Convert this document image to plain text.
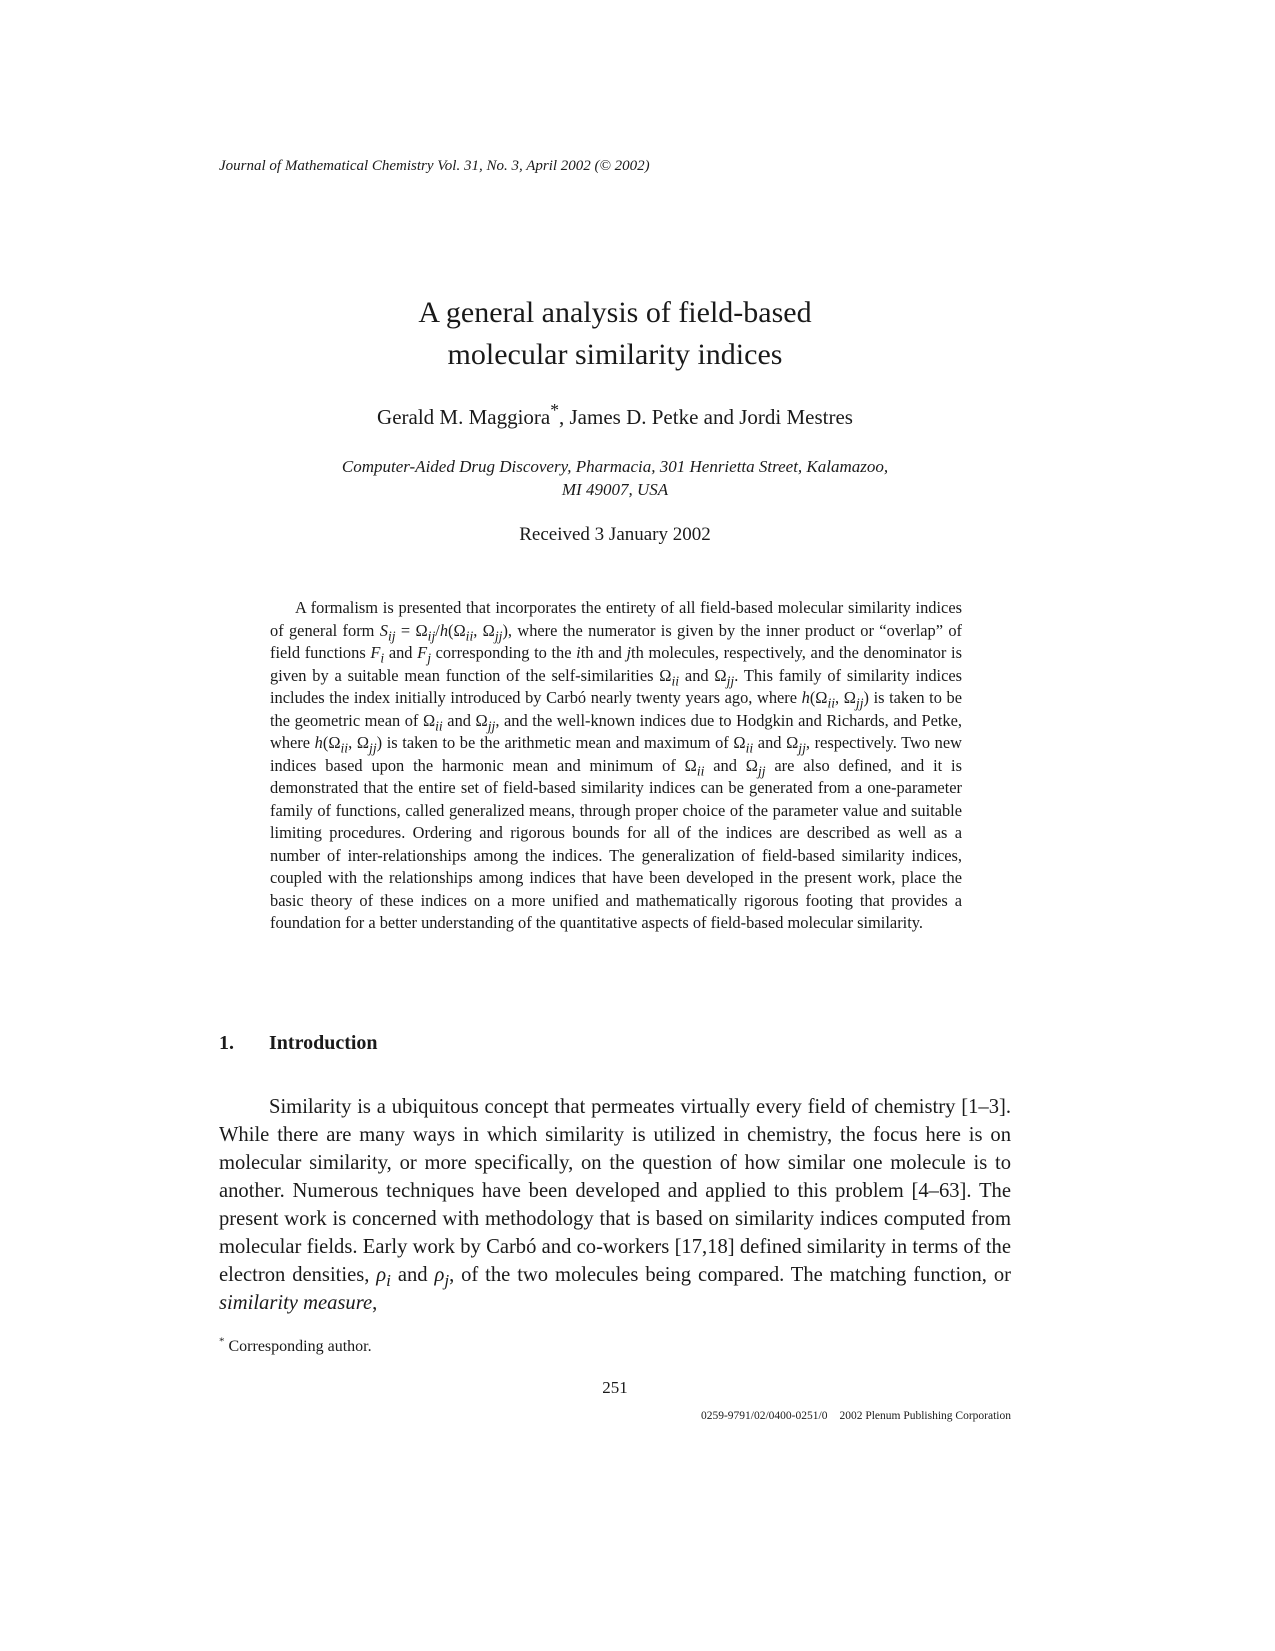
Journal of Mathematical Chemistry Vol. 31, No. 3, April 2002 (© 2002)
A general analysis of field-based
molecular similarity indices
Gerald M. Maggiora*, James D. Petke and Jordi Mestres
Computer-Aided Drug Discovery, Pharmacia, 301 Henrietta Street, Kalamazoo,
MI 49007, USA
Received 3 January 2002

A formalism is presented that incorporates the entirety of all field-based molecular similarity indices of general form $S_{ij} = \Omega_{ij}/h(\Omega_{ii}$, $\Omega_{jj}$), where the numerator is given by the inner product or “overlap” of field functions $F_i$ and $F_j$ corresponding to the ith and jth molecules, respectively, and the denominator is given by a suitable mean function of the self-similarities $\Omega_{ii}$ and $\Omega_{jj}$. This family of similarity indices includes the index initially introduced by Carbó nearly twenty years ago, where $h(\Omega_{ii}$, $\Omega_{jj}$) is taken to be the geometric mean of $\Omega_{ii}$ and $\Omega_{jj}$, and the well-known indices due to Hodgkin and Richards, and Petke, where $h(\Omega_{ii}$, $\Omega_{jj}$) is taken to be the arithmetic mean and maximum of $\Omega_{ii}$ and $\Omega_{jj}$, respectively. Two new indices based upon the harmonic mean and minimum of $\Omega_{ii}$ and $\Omega_{jj}$ are also defined, and it is demonstrated that the entire set of field-based similarity indices can be generated from a one-parameter family of functions, called generalized means, through proper choice of the parameter value and suitable limiting procedures. Ordering and rigorous bounds for all of the indices are described as well as a number of inter-relationships among the indices. The generalization of field-based similarity indices, coupled with the relationships among indices that have been developed in the present work, place the basic theory of these indices on a more unified and mathematically rigorous footing that provides a foundation for a better understanding of the quantitative aspects of field-based molecular similarity.

1. Introduction

Similarity is a ubiquitous concept that permeates virtually every field of chemistry [1–3]. While there are many ways in which similarity is utilized in chemistry, the focus here is on molecular similarity, or more specifically, on the question of how similar one molecule is to another. Numerous techniques have been developed and applied to this problem [4–63]. The present work is concerned with methodology that is based on similarity indices computed from molecular fields. Early work by Carbó and co-workers [17,18] defined similarity in terms of the electron densities, $\rho_i$ and $\rho_j$, of the two molecules being compared. The matching function, or similarity measure,

* Corresponding author.
251
0259-9791/02/0400-0251/0 2002 Plenum Publishing Corporation
